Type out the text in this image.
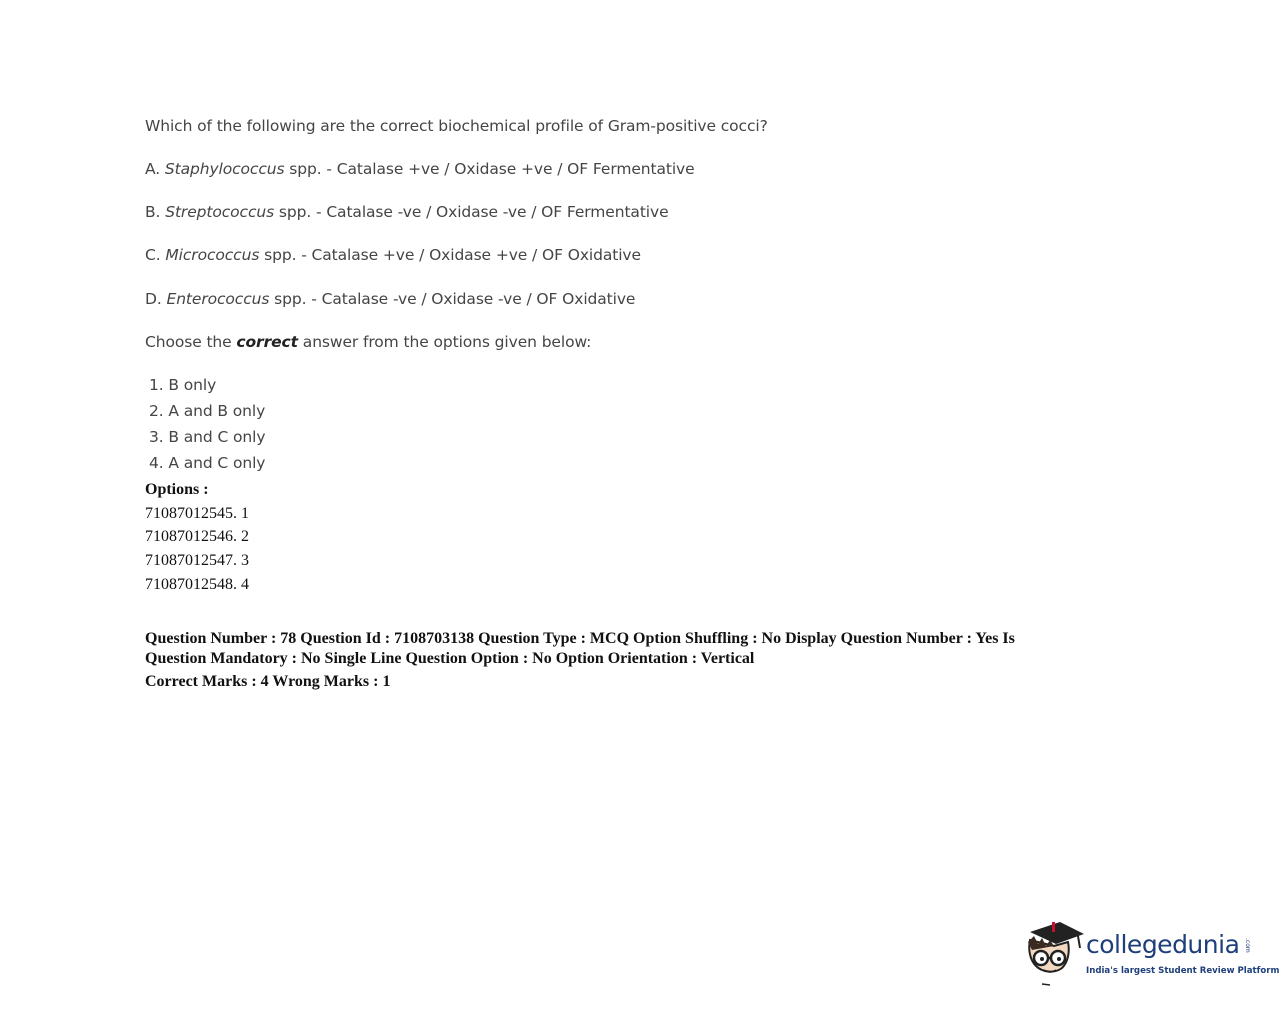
Which of the following are the correct biochemical profile of Gram-positive cocci?
A. Staphylococcus spp. - Catalase +ve / Oxidase +ve / OF Fermentative
B. Streptococcus spp. - Catalase -ve / Oxidase -ve / OF Fermentative
C. Micrococcus spp. - Catalase +ve / Oxidase +ve / OF Oxidative
D. Enterococcus spp. - Catalase -ve / Oxidase -ve / OF Oxidative
Choose the correct answer from the options given below:
1. B only
2. A and B only
3. B and C only
4. A and C only
Options :
71087012545. 1
71087012546. 2
71087012547. 3
71087012548. 4
Question Number : 78 Question Id : 7108703138 Question Type : MCQ Option Shuffling : No Display Question Number : Yes Is
Question Mandatory : No Single Line Question Option : No Option Orientation : Vertical
Correct Marks : 4 Wrong Marks : 1
collegedunia .com
India's largest Student Review Platform
